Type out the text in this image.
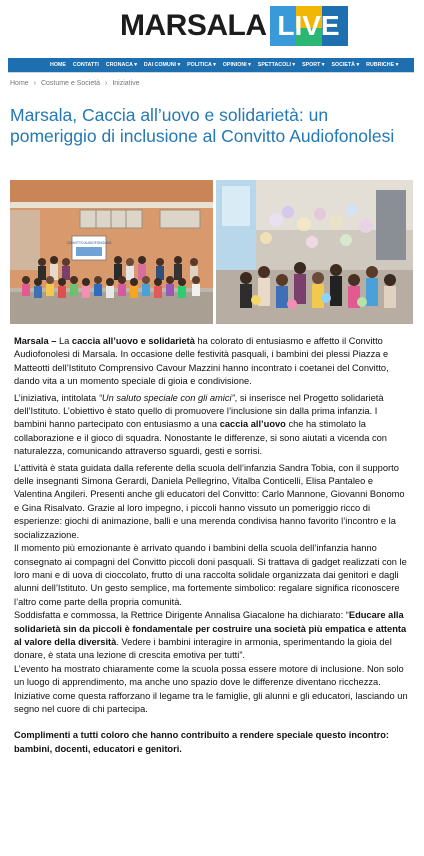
MARSALA LIVE
HOME CONTATTI CRONACA ▾ DAI COMUNI ▾ POLITICA ▾ OPINIONI ▾ SPETTACOLI ▾ SPORT ▾ SOCIETÀ ▾ RUBRICHE ▾
Home › Costume e Società › Iniziative
Marsala, Caccia all’uovo e solidarietà: un pomeriggio di inclusione al Convitto Audiofonolesi
CONVITTO AUDIOFONOLESI

Marsala – La caccia all’uovo e solidarietà ha colorato di entusiasmo e affetto il Convitto Audiofonolesi di Marsala. In occasione delle festività pasquali, i bambini dei plessi Piazza e Matteotti dell’Istituto Comprensivo Cavour Mazzini hanno incontrato i coetanei del Convitto, dando vita a un momento speciale di gioia e condivisione.

L’iniziativa, intitolata “Un saluto speciale con gli amici”, si inserisce nel Progetto solidarietà dell’Istituto. L’obiettivo è stato quello di promuovere l’inclusione sin dalla prima infanzia. I bambini hanno partecipato con entusiasmo a una caccia all’uovo che ha stimolato la collaborazione e il gioco di squadra. Nonostante le differenze, si sono aiutati a vicenda con naturalezza, comunicando attraverso sguardi, gesti e sorrisi.

L’attività è stata guidata dalla referente della scuola dell’infanzia Sandra Tobia, con il supporto delle insegnanti Simona Gerardi, Daniela Pellegrino, Vitalba Conticelli, Elisa Pantaleo e Valentina Angileri. Presenti anche gli educatori del Convitto: Carlo Mannone, Giovanni Bonomo e Gina Risalvato. Grazie al loro impegno, i piccoli hanno vissuto un pomeriggio ricco di esperienze: giochi di animazione, balli e una merenda condivisa hanno favorito l’incontro e la socializzazione.

Il momento più emozionante è arrivato quando i bambini della scuola dell’infanzia hanno consegnato ai compagni del Convitto piccoli doni pasquali. Si trattava di gadget realizzati con le loro mani e di uova di cioccolato, frutto di una raccolta solidale organizzata dai genitori e dagli alunni dell’Istituto. Un gesto semplice, ma fortemente simbolico: regalare significa riconoscere l’altro come parte della propria comunità.

Soddisfatta e commossa, la Rettrice Dirigente Annalisa Giacalone ha dichiarato: “Educare alla solidarietà sin da piccoli è fondamentale per costruire una società più empatica e attenta al valore della diversità. Vedere i bambini interagire in armonia, sperimentando la gioia del donare, è stata una lezione di crescita emotiva per tutti”.

L’evento ha mostrato chiaramente come la scuola possa essere motore di inclusione. Non solo un luogo di apprendimento, ma anche uno spazio dove le differenze diventano ricchezza. Iniziative come questa rafforzano il legame tra le famiglie, gli alunni e gli educatori, lasciando un segno nel cuore di chi partecipa.

Complimenti a tutti coloro che hanno contribuito a rendere speciale questo incontro: bambini, docenti, educatori e genitori.
